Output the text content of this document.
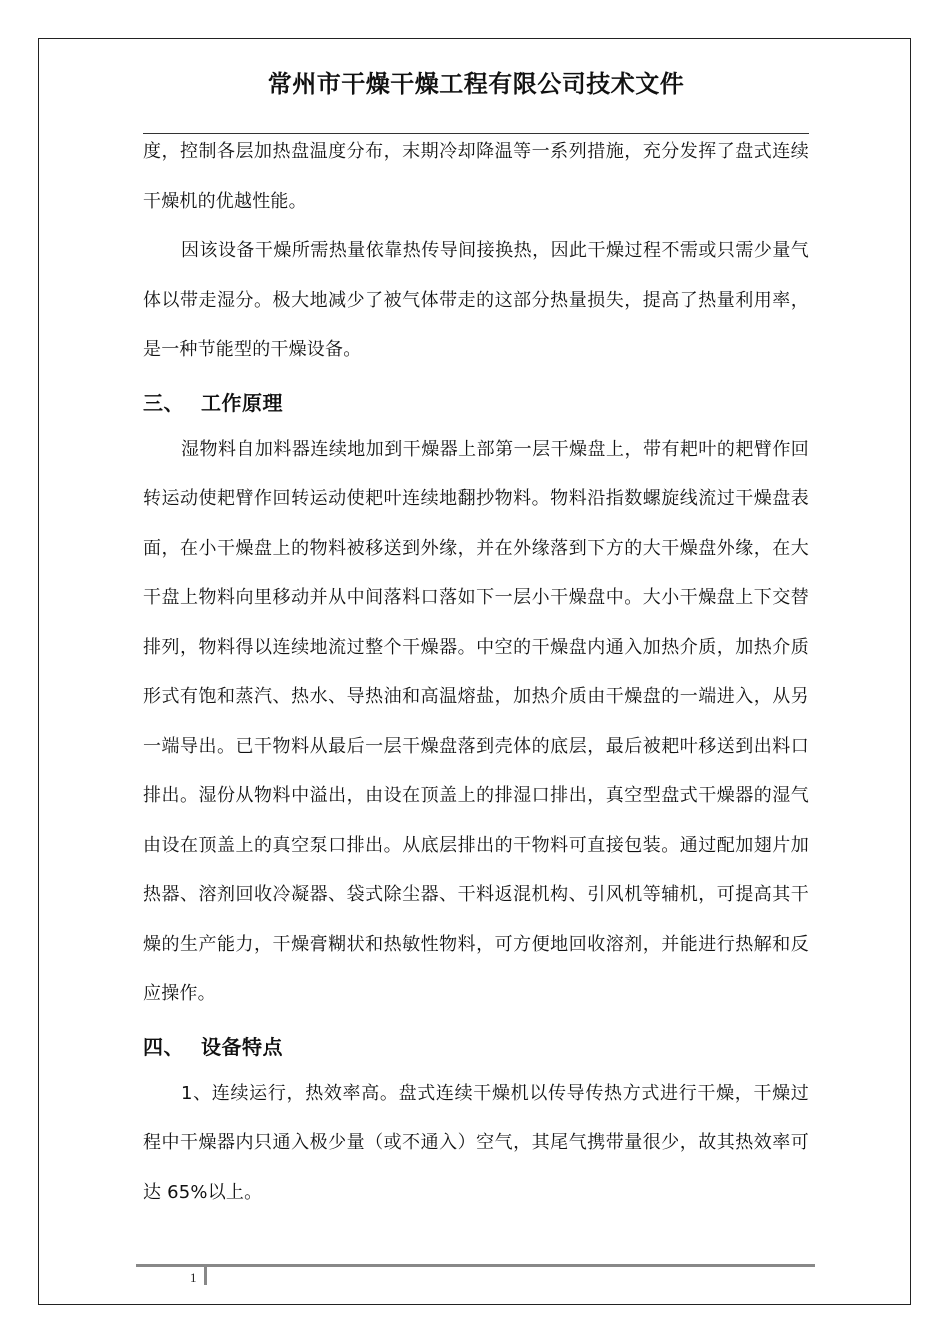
常州市干燥干燥工程有限公司技术文件

度，控制各层加热盘温度分布，末期冷却降温等一系列措施，充分发挥了盘式连续干燥机的优越性能。

因该设备干燥所需热量依靠热传导间接换热，因此干燥过程不需或只需少量气体以带走湿分。极大地减少了被气体带走的这部分热量损失，提高了热量利用率，是一种节能型的干燥设备。

三、 工作原理

湿物料自加料器连续地加到干燥器上部第一层干燥盘上，带有耙叶的耙臂作回转运动使耙臂作回转运动使耙叶连续地翻抄物料。物料沿指数螺旋线流过干燥盘表面，在小干燥盘上的物料被移送到外缘，并在外缘落到下方的大干燥盘外缘，在大干盘上物料向里移动并从中间落料口落如下一层小干燥盘中。大小干燥盘上下交替排列，物料得以连续地流过整个干燥器。中空的干燥盘内通入加热介质，加热介质形式有饱和蒸汽、热水、导热油和高温熔盐，加热介质由干燥盘的一端进入，从另一端导出。已干物料从最后一层干燥盘落到壳体的底层，最后被耙叶移送到出料口排出。湿份从物料中溢出，由设在顶盖上的排湿口排出，真空型盘式干燥器的湿气由设在顶盖上的真空泵口排出。从底层排出的干物料可直接包装。通过配加翅片加热器、溶剂回收冷凝器、袋式除尘器、干料返混机构、引风机等辅机，可提高其干燥的生产能力，干燥膏糊状和热敏性物料，可方便地回收溶剂，并能进行热解和反应操作。

四、 设备特点

1、连续运行，热效率高。盘式连续干燥机以传导传热方式进行干燥，干燥过程中干燥器内只通入极少量（或不通入）空气，其尾气携带量很少，故其热效率可达 65%以上。

1
